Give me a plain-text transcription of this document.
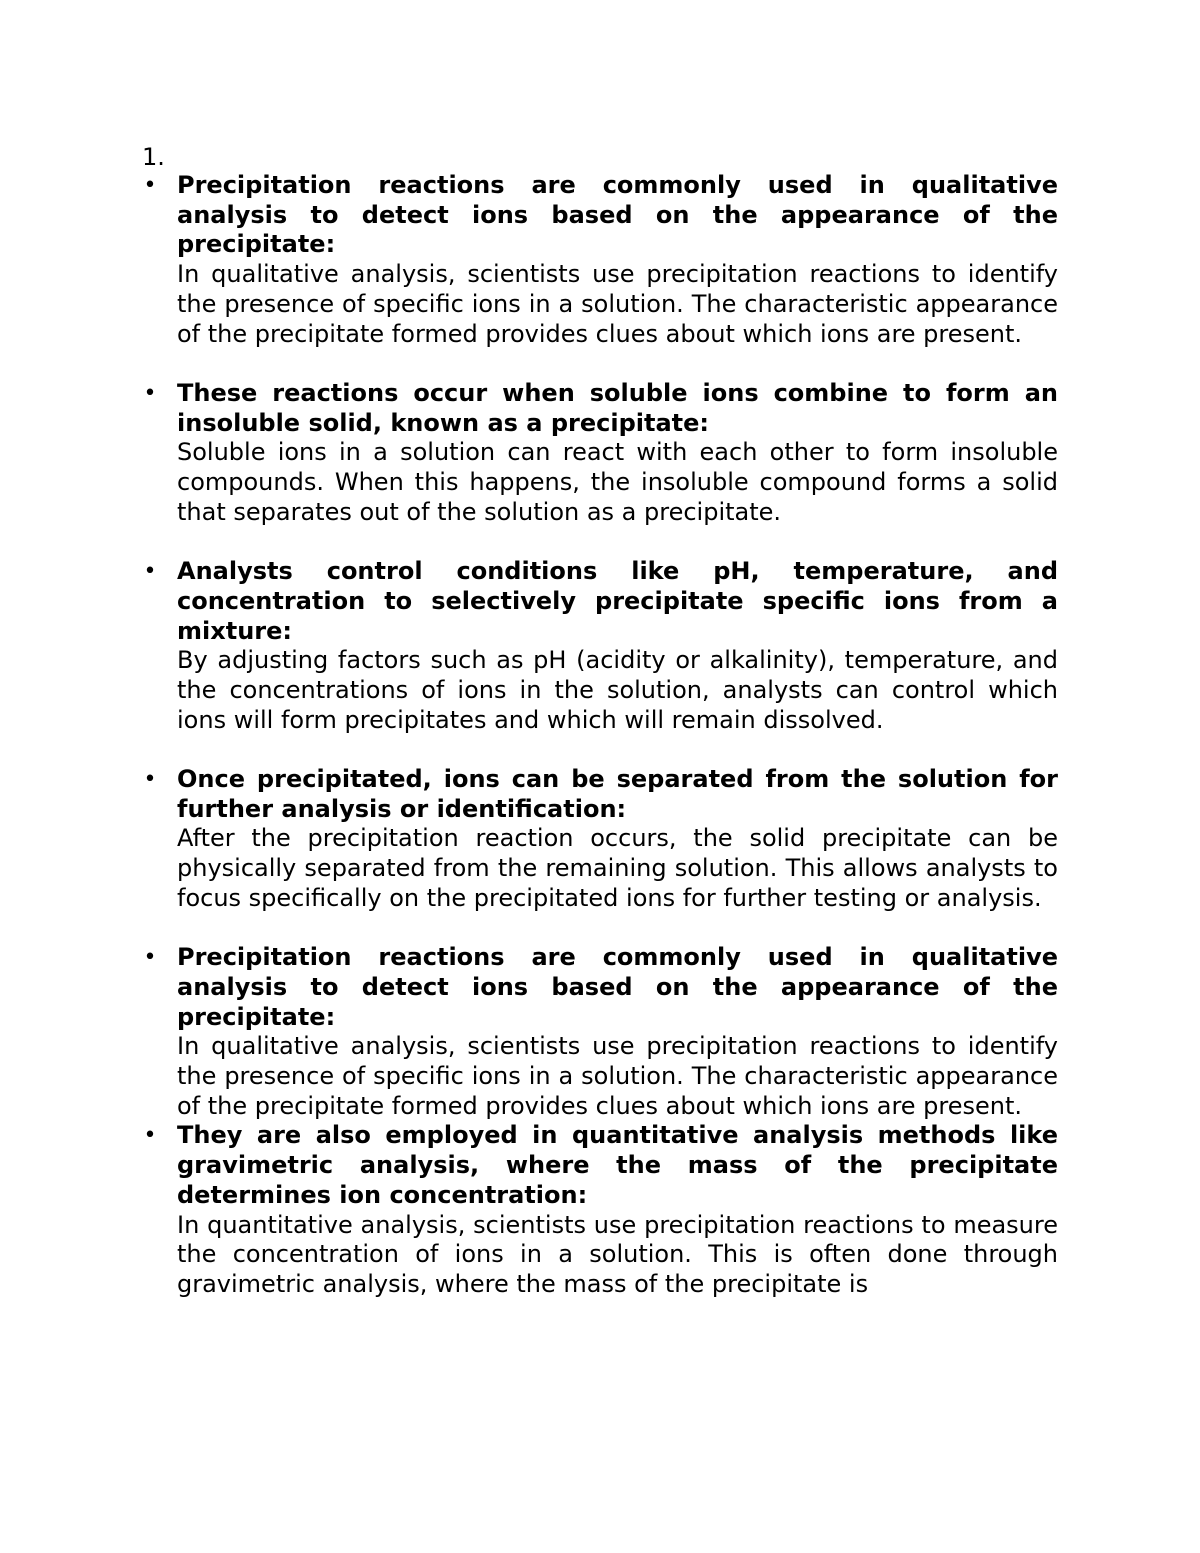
1.

• Precipitation reactions are commonly used in qualitative analysis to detect ions based on the appearance of the precipitate:

In qualitative analysis, scientists use precipitation reactions to identify the presence of specific ions in a solution. The characteristic appearance of the precipitate formed provides clues about which ions are present.

• These reactions occur when soluble ions combine to form an insoluble solid, known as a precipitate:

Soluble ions in a solution can react with each other to form insoluble compounds. When this happens, the insoluble compound forms a solid that separates out of the solution as a precipitate.

• Analysts control conditions like pH, temperature, and concentration to selectively precipitate specific ions from a mixture:

By adjusting factors such as pH (acidity or alkalinity), temperature, and the concentrations of ions in the solution, analysts can control which ions will form precipitates and which will remain dissolved.

• Once precipitated, ions can be separated from the solution for further analysis or identification:

After the precipitation reaction occurs, the solid precipitate can be physically separated from the remaining solution. This allows analysts to focus specifically on the precipitated ions for further testing or analysis.

• Precipitation reactions are commonly used in qualitative analysis to detect ions based on the appearance of the precipitate:

In qualitative analysis, scientists use precipitation reactions to identify the presence of specific ions in a solution. The characteristic appearance of the precipitate formed provides clues about which ions are present.

• They are also employed in quantitative analysis methods like gravimetric analysis, where the mass of the precipitate determines ion concentration:

In quantitative analysis, scientists use precipitation reactions to measure the concentration of ions in a solution. This is often done through gravimetric analysis, where the mass of the precipitate is
